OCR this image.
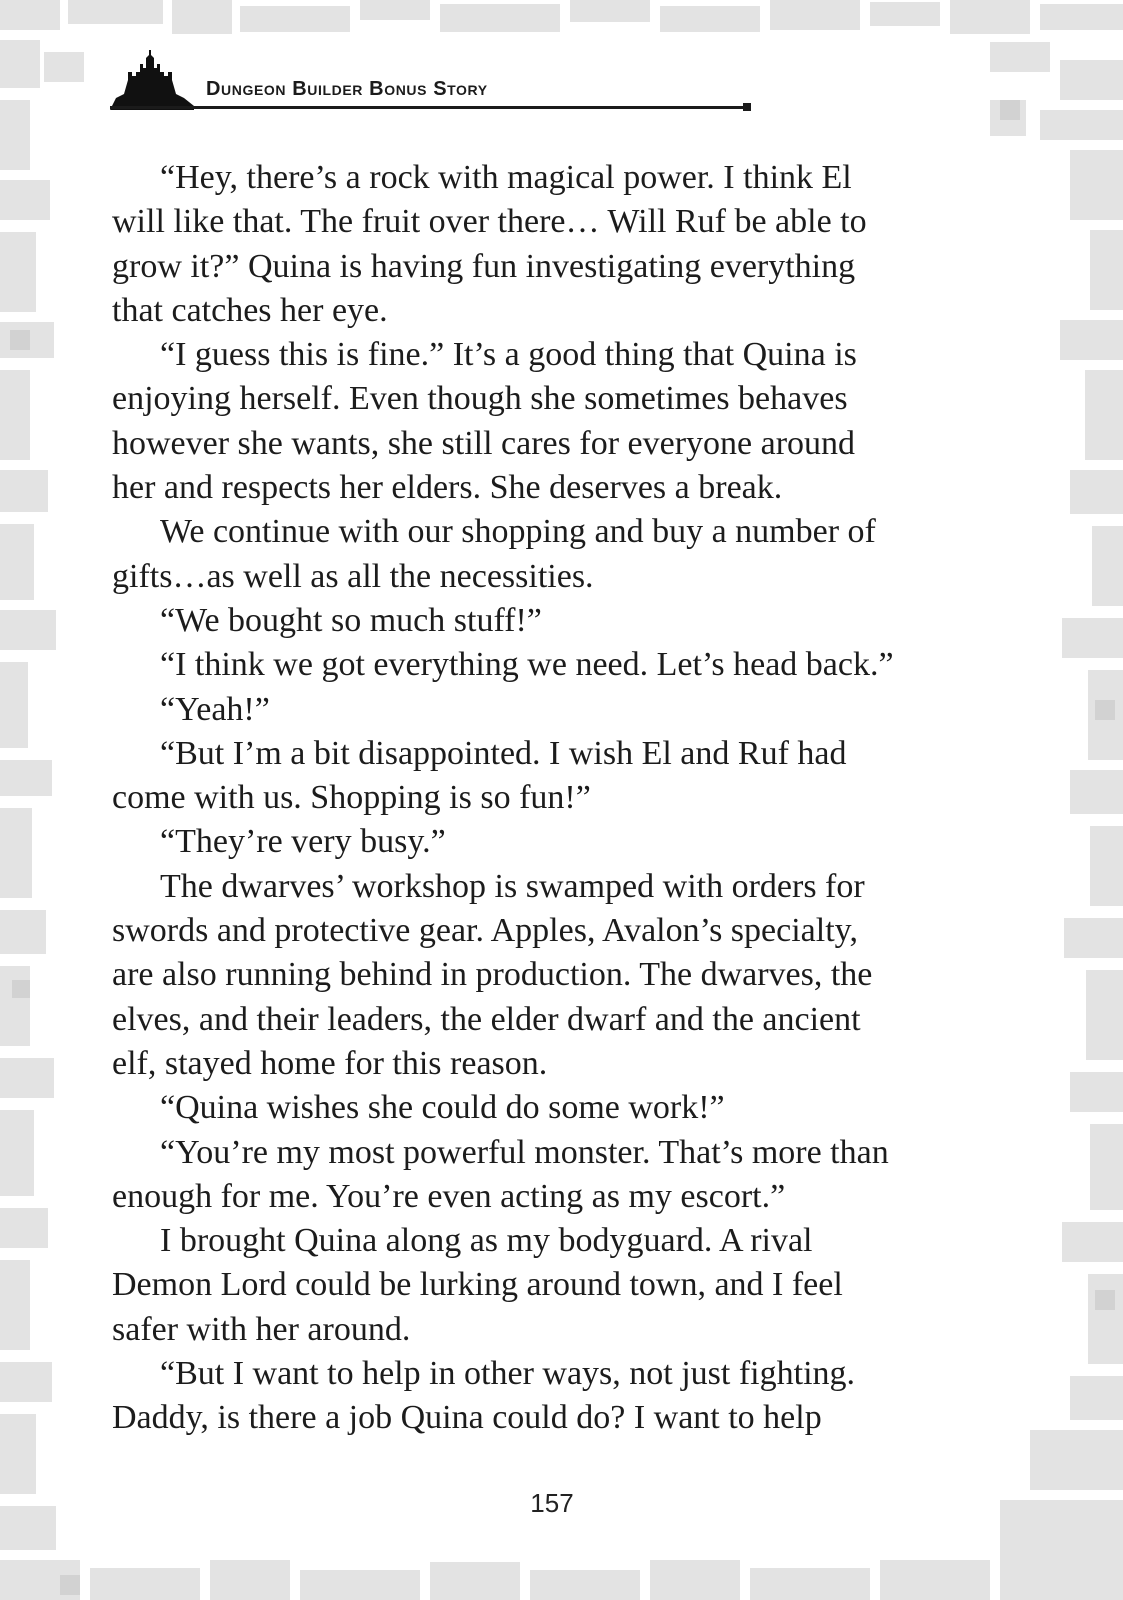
Dungeon Builder Bonus Story

“Hey, there’s a rock with magical power. I think El
will like that. The fruit over there… Will Ruf be able to
grow it?” Quina is having fun investigating everything
that catches her eye.

“I guess this is fine.” It’s a good thing that Quina is
enjoying herself. Even though she sometimes behaves
however she wants, she still cares for everyone around
her and respects her elders. She deserves a break.

We continue with our shopping and buy a number of
gifts…as well as all the necessities.

“We bought so much stuff!”

“I think we got everything we need. Let’s head back.”

“Yeah!”

“But I’m a bit disappointed. I wish El and Ruf had
come with us. Shopping is so fun!”

“They’re very busy.”

The dwarves’ workshop is swamped with orders for
swords and protective gear. Apples, Avalon’s specialty,
are also running behind in production. The dwarves, the
elves, and their leaders, the elder dwarf and the ancient
elf, stayed home for this reason.

“Quina wishes she could do some work!”

“You’re my most powerful monster. That’s more than
enough for me. You’re even acting as my escort.”

I brought Quina along as my bodyguard. A rival
Demon Lord could be lurking around town, and I feel
safer with her around.

“But I want to help in other ways, not just fighting.
Daddy, is there a job Quina could do? I want to help

157
